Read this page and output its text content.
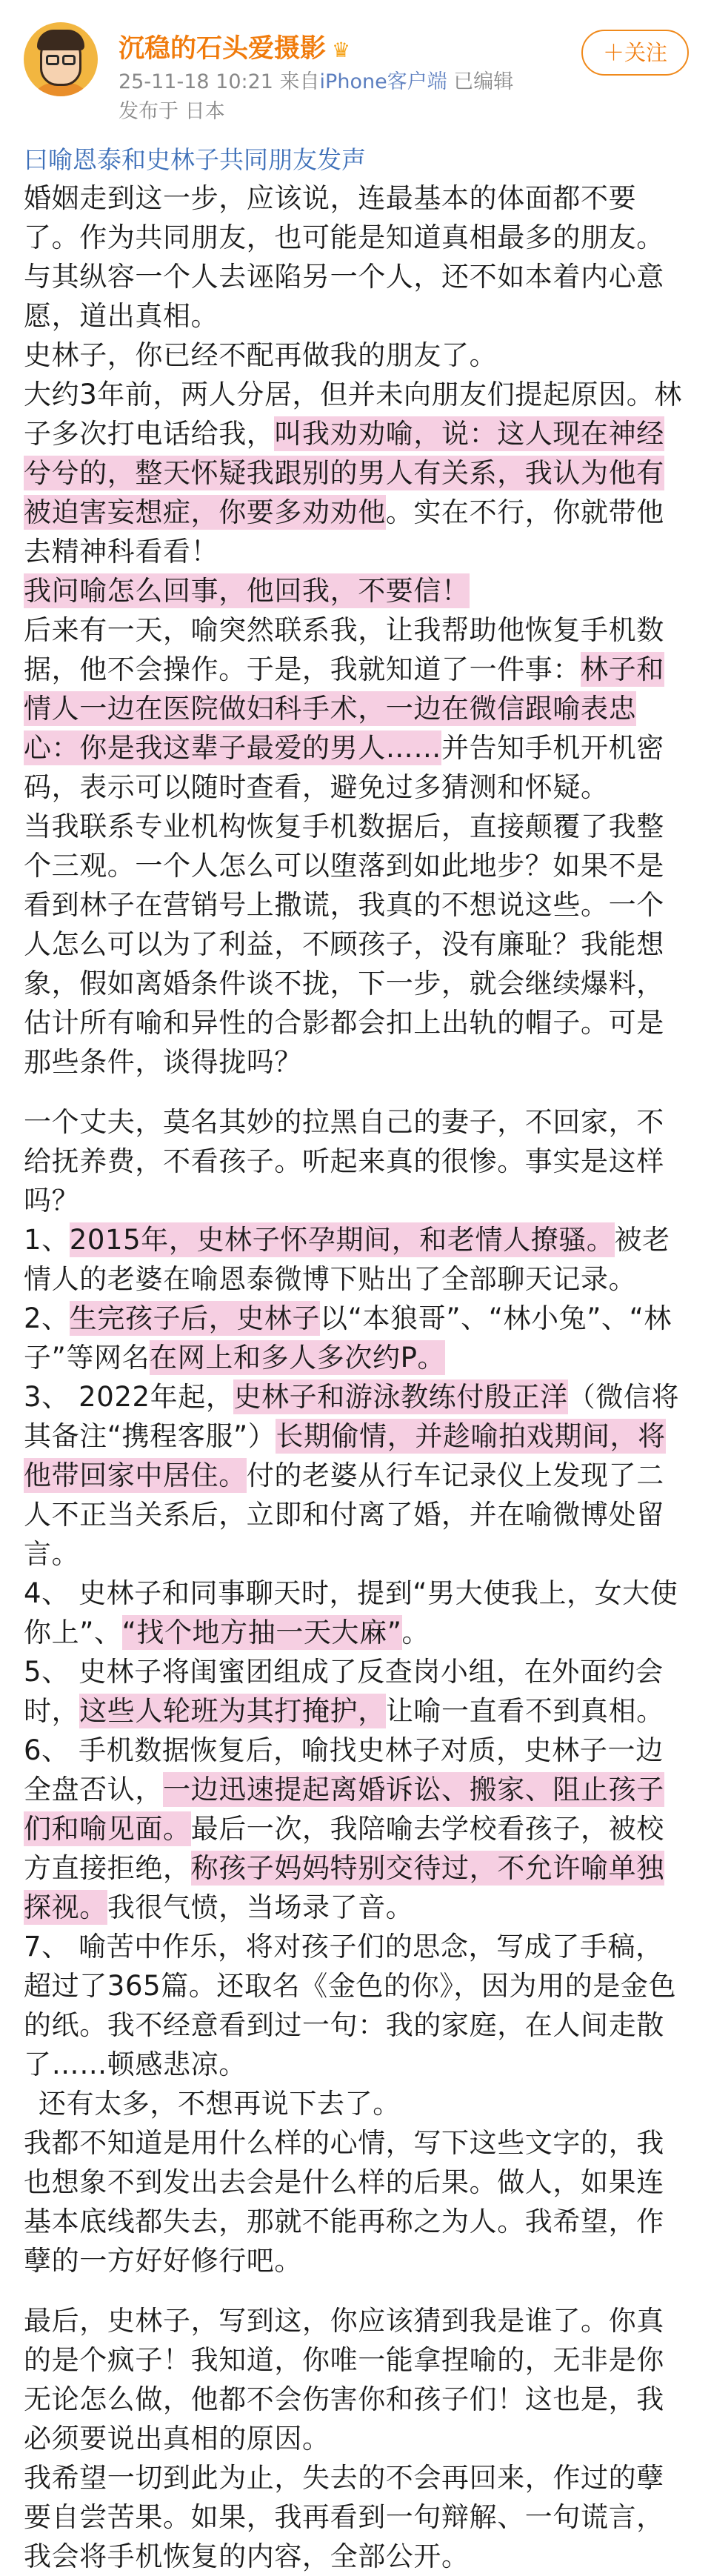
沉稳的石头爱摄影 ♛
25-11-18 10:21 来自iPhone客户端 已编辑
发布于 日本
＋关注
曰喻恩泰和史林子共同朋友发声

婚姻走到这一步，应该说，连最基本的体面都不要了。作为共同朋友，也可能是知道真相最多的朋友。与其纵容一个人去诬陷另一个人，还不如本着内心意愿，道出真相。

史林子，你已经不配再做我的朋友了。

大约3年前，两人分居，但并未向朋友们提起原因。林子多次打电话给我，叫我劝劝喻，说：这人现在神经兮兮的，整天怀疑我跟别的男人有关系，我认为他有被迫害妄想症，你要多劝劝他。实在不行，你就带他去精神科看看！

我问喻怎么回事，他回我，不要信！

后来有一天，喻突然联系我，让我帮助他恢复手机数据，他不会操作。于是，我就知道了一件事：林子和情人一边在医院做妇科手术，一边在微信跟喻表忠心：你是我这辈子最爱的男人……并告知手机开机密码，表示可以随时查看，避免过多猜测和怀疑。

当我联系专业机构恢复手机数据后，直接颠覆了我整个三观。一个人怎么可以堕落到如此地步？如果不是看到林子在营销号上撒谎，我真的不想说这些。一个人怎么可以为了利益，不顾孩子，没有廉耻？我能想象，假如离婚条件谈不拢，下一步，就会继续爆料，估计所有喻和异性的合影都会扣上出轨的帽子。可是那些条件，谈得拢吗？

一个丈夫，莫名其妙的拉黑自己的妻子，不回家，不给抚养费，不看孩子。听起来真的很惨。事实是这样吗？

1、2015年，史林子怀孕期间，和老情人撩骚。被老情人的老婆在喻恩泰微博下贴出了全部聊天记录。

2、生完孩子后，史林子以“本狼哥”、“林小兔”、“林子”等网名在网上和多人多次约P。

3、 2022年起，史林子和游泳教练付殷正洋（微信将其备注“携程客服”）长期偷情，并趁喻拍戏期间，将他带回家中居住。付的老婆从行车记录仪上发现了二人不正当关系后，立即和付离了婚，并在喻微博处留言。

4、 史林子和同事聊天时，提到“男大使我上，女大使你上”、“找个地方抽一天大麻”。

5、 史林子将闺蜜团组成了反查岗小组，在外面约会时，这些人轮班为其打掩护，让喻一直看不到真相。

6、 手机数据恢复后，喻找史林子对质，史林子一边全盘否认，一边迅速提起离婚诉讼、搬家、阻止孩子们和喻见面。最后一次，我陪喻去学校看孩子，被校方直接拒绝，称孩子妈妈特别交待过，不允许喻单独探视。我很气愤，当场录了音。

7、 喻苦中作乐，将对孩子们的思念，写成了手稿，超过了365篇。还取名《金色的你》，因为用的是金色的纸。我不经意看到过一句：我的家庭，在人间走散了……顿感悲凉。

还有太多，不想再说下去了。

我都不知道是用什么样的心情，写下这些文字的，我也想象不到发出去会是什么样的后果。做人，如果连基本底线都失去，那就不能再称之为人。我希望，作孽的一方好好修行吧。

最后，史林子，写到这，你应该猜到我是谁了。你真的是个疯子！我知道，你唯一能拿捏喻的，无非是你无论怎么做，他都不会伤害你和孩子们！这也是，我必须要说出真相的原因。

我希望一切到此为止，失去的不会再回来，作过的孽要自尝苦果。如果，我再看到一句辩解、一句谎言，我会将手机恢复的内容，全部公开。
